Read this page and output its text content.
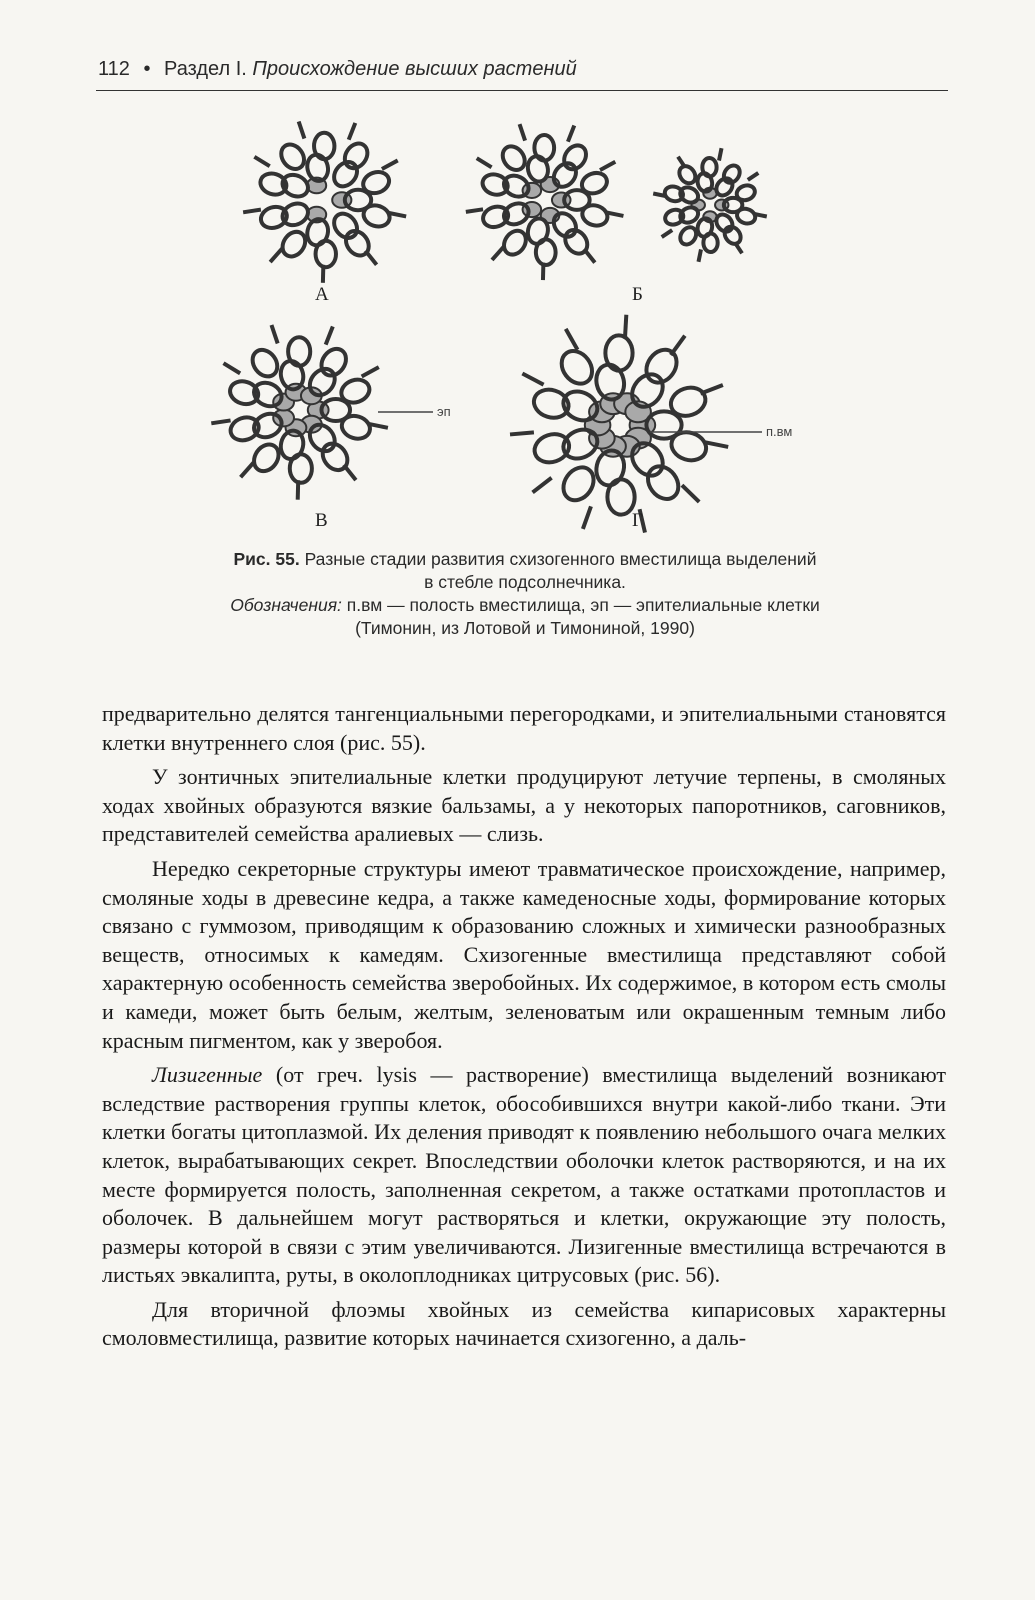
112 • Раздел I. Происхождение высших растений
А	Б
В	Г
эп
п.вм
Рис. 55. Разные стадии развития схизогенного вместилища выделений
в стебле подсолнечника.
Обозначения: п.вм — полость вместилища, эп — эпителиальные клетки
(Тимонин, из Лотовой и Тимониной, 1990)

предварительно делятся тангенциальными перегородками, и эпителиальными становятся клетки внутреннего слоя (рис. 55).

У зонтичных эпителиальные клетки продуцируют летучие терпены, в смоляных ходах хвойных образуются вязкие бальзамы, а у некоторых папоротников, саговников, представителей семейства аралиевых — слизь.

Нередко секреторные структуры имеют травматическое происхождение, например, смоляные ходы в древесине кедра, а также камеденосные ходы, формирование которых связано с гуммозом, приводящим к образованию сложных и химически разнообразных веществ, относимых к камедям. Схизогенные вместилища представляют собой характерную особенность семейства зверобойных. Их содержимое, в котором есть смолы и камеди, может быть белым, желтым, зеленоватым или окрашенным темным либо красным пигментом, как у зверобоя.

Лизигенные (от греч. lysis — растворение) вместилища выделений возникают вследствие растворения группы клеток, обособившихся внутри какой-либо ткани. Эти клетки богаты цитоплазмой. Их деления приводят к появлению небольшого очага мелких клеток, вырабатывающих секрет. Впоследствии оболочки клеток растворяются, и на их месте формируется полость, заполненная секретом, а также остатками протопластов и оболочек. В дальнейшем могут растворяться и клетки, окружающие эту полость, размеры которой в связи с этим увеличиваются. Лизигенные вместилища встречаются в листьях эвкалипта, руты, в околоплодниках цитрусовых (рис. 56).

Для вторичной флоэмы хвойных из семейства кипарисовых характерны смоловместилища, развитие которых начинается схизогенно, а даль-
